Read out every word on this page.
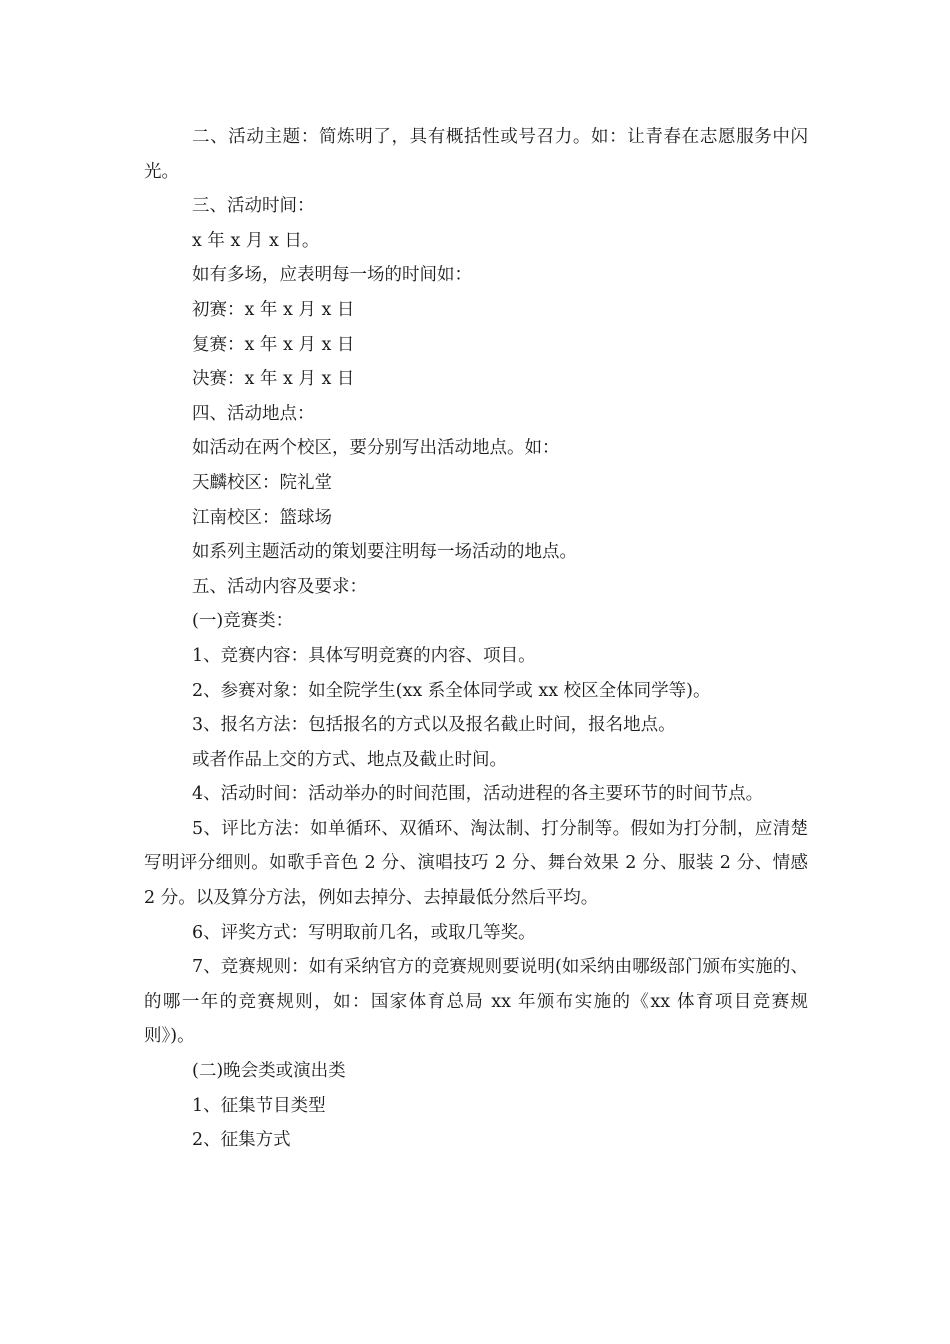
二、活动主题：简炼明了，具有概括性或号召力。如：让青春在志愿服务中闪光。

三、活动时间：

x 年 x 月 x 日。

如有多场，应表明每一场的时间如：

初赛：x 年 x 月 x 日

复赛：x 年 x 月 x 日

决赛：x 年 x 月 x 日

四、活动地点：

如活动在两个校区，要分别写出活动地点。如：

天麟校区：院礼堂

江南校区：篮球场

如系列主题活动的策划要注明每一场活动的地点。

五、活动内容及要求：

(一)竞赛类：

1、竞赛内容：具体写明竞赛的内容、项目。

2、参赛对象：如全院学生(xx 系全体同学或 xx 校区全体同学等)。

3、报名方法：包括报名的方式以及报名截止时间，报名地点。

或者作品上交的方式、地点及截止时间。

4、活动时间：活动举办的时间范围，活动进程的各主要环节的时间节点。

5、评比方法：如单循环、双循环、淘汰制、打分制等。假如为打分制，应清楚写明评分细则。如歌手音色 2 分、演唱技巧 2 分、舞台效果 2 分、服装 2 分、情感 2 分。以及算分方法，例如去掉分、去掉最低分然后平均。

6、评奖方式：写明取前几名，或取几等奖。

7、竞赛规则：如有采纳官方的竞赛规则要说明(如采纳由哪级部门颁布实施的、的哪一年的竞赛规则，如：国家体育总局 xx 年颁布实施的《xx 体育项目竞赛规则》)。

(二)晚会类或演出类

1、征集节目类型

2、征集方式
